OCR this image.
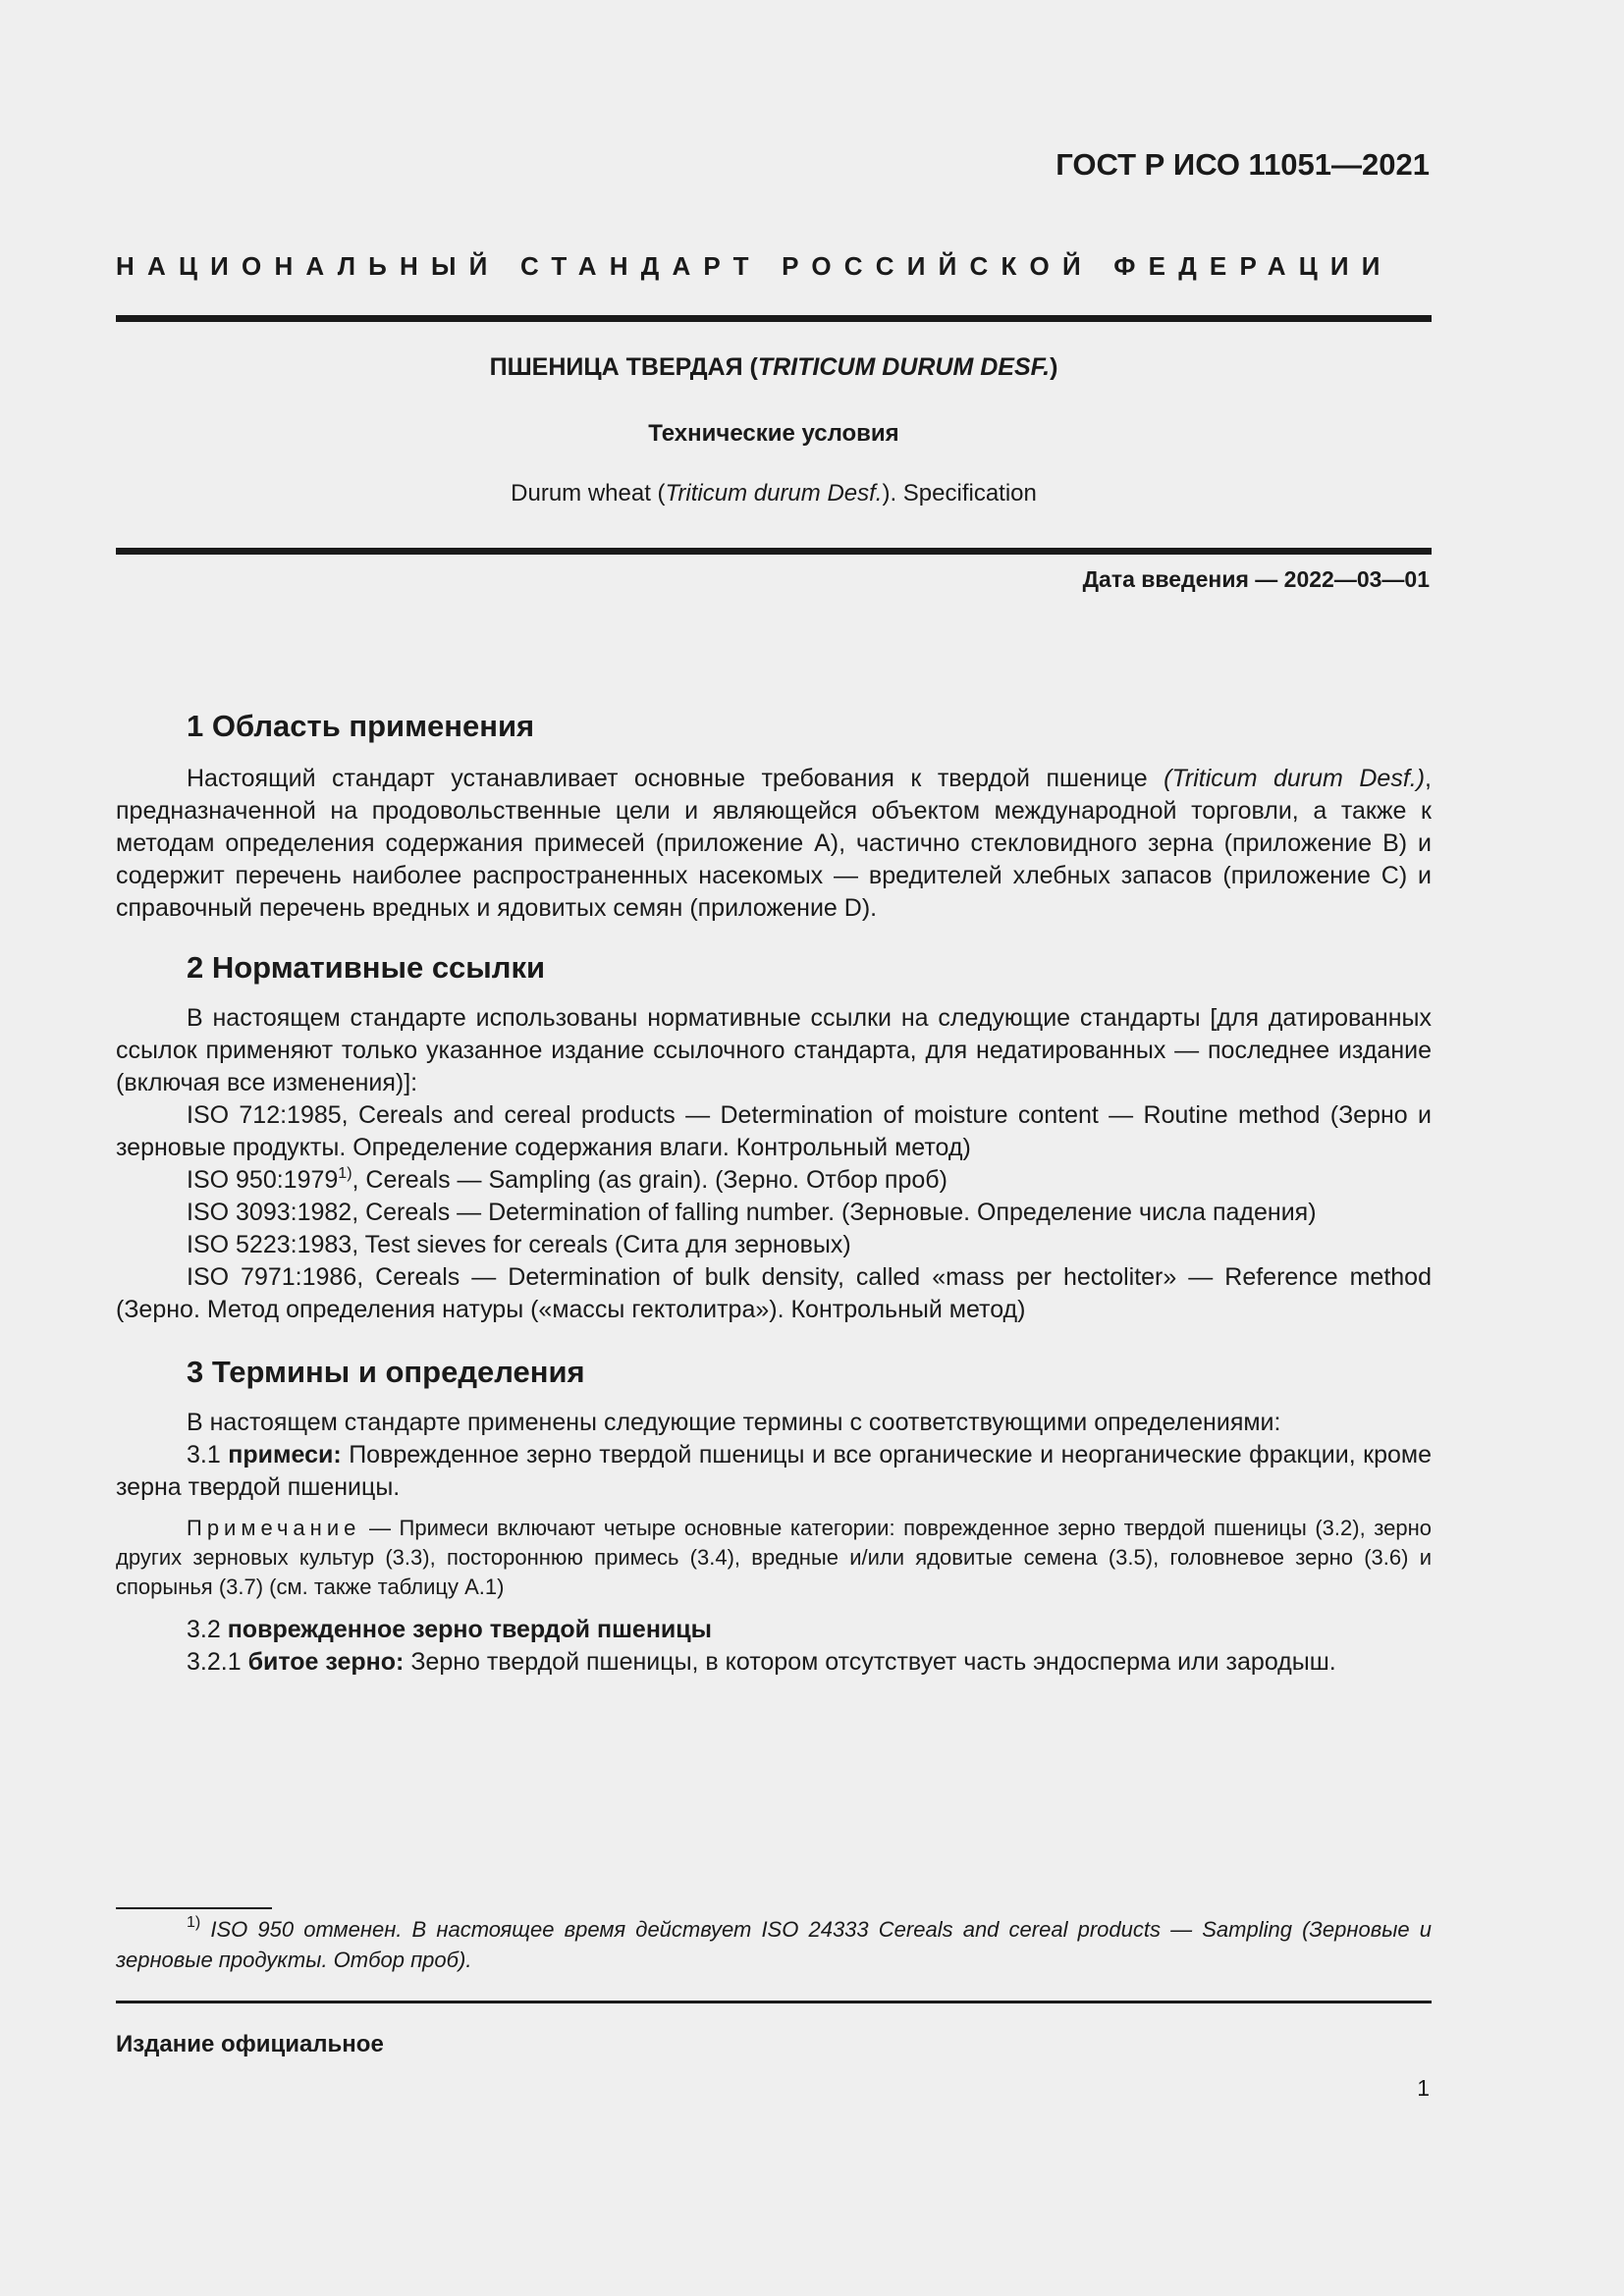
ГОСТ Р ИСО 11051—2021
НАЦИОНАЛЬНЫЙ СТАНДАРТ РОССИЙСКОЙ ФЕДЕРАЦИИ
ПШЕНИЦА ТВЕРДАЯ (TRITICUM DURUM DESF.)
Технические условия
Durum wheat (Triticum durum Desf.). Specification
Дата введения — 2022—03—01
1 Область применения

Настоящий стандарт устанавливает основные требования к твердой пшенице (Triticum durum Desf.), предназначенной на продовольственные цели и являющейся объектом международной торговли, а также к методам определения содержания примесей (приложение A), частично стекловидного зерна (приложение B) и содержит перечень наиболее распространенных насекомых — вредителей хлебных запасов (приложение C) и справочный перечень вредных и ядовитых семян (приложение D).

2 Нормативные ссылки

В настоящем стандарте использованы нормативные ссылки на следующие стандарты [для датированных ссылок применяют только указанное издание ссылочного стандарта, для недатированных — последнее издание (включая все изменения)]:

ISO 712:1985, Cereals and cereal products — Determination of moisture content — Routine method (Зерно и зерновые продукты. Определение содержания влаги. Контрольный метод)

ISO 950:1979$^{1)}$, Cereals — Sampling (as grain). (Зерно. Отбор проб)

ISO 3093:1982, Cereals — Determination of falling number. (Зерновые. Определение числа падения)

ISO 5223:1983, Test sieves for cereals (Сита для зерновых)

ISO 7971:1986, Cereals — Determination of bulk density, called «mass per hectoliter» — Reference method (Зерно. Метод определения натуры («массы гектолитра»). Контрольный метод)

3 Термины и определения

В настоящем стандарте применены следующие термины с соответствующими определениями:

3.1 примеси: Поврежденное зерно твердой пшеницы и все органические и неорганические фракции, кроме зерна твердой пшеницы.

Примечание — Примеси включают четыре основные категории: поврежденное зерно твердой пшеницы (3.2), зерно других зерновых культур (3.3), постороннюю примесь (3.4), вредные и/или ядовитые семена (3.5), головневое зерно (3.6) и спорынья (3.7) (см. также таблицу А.1)

3.2 поврежденное зерно твердой пшеницы

3.2.1 битое зерно: Зерно твердой пшеницы, в котором отсутствует часть эндосперма или зародыш.

$^{1)}$ ISO 950 отменен. В настоящее время действует ISO 24333 Cereals and cereal products — Sampling (Зерновые и зерновые продукты. Отбор проб).
Издание официальное
1
